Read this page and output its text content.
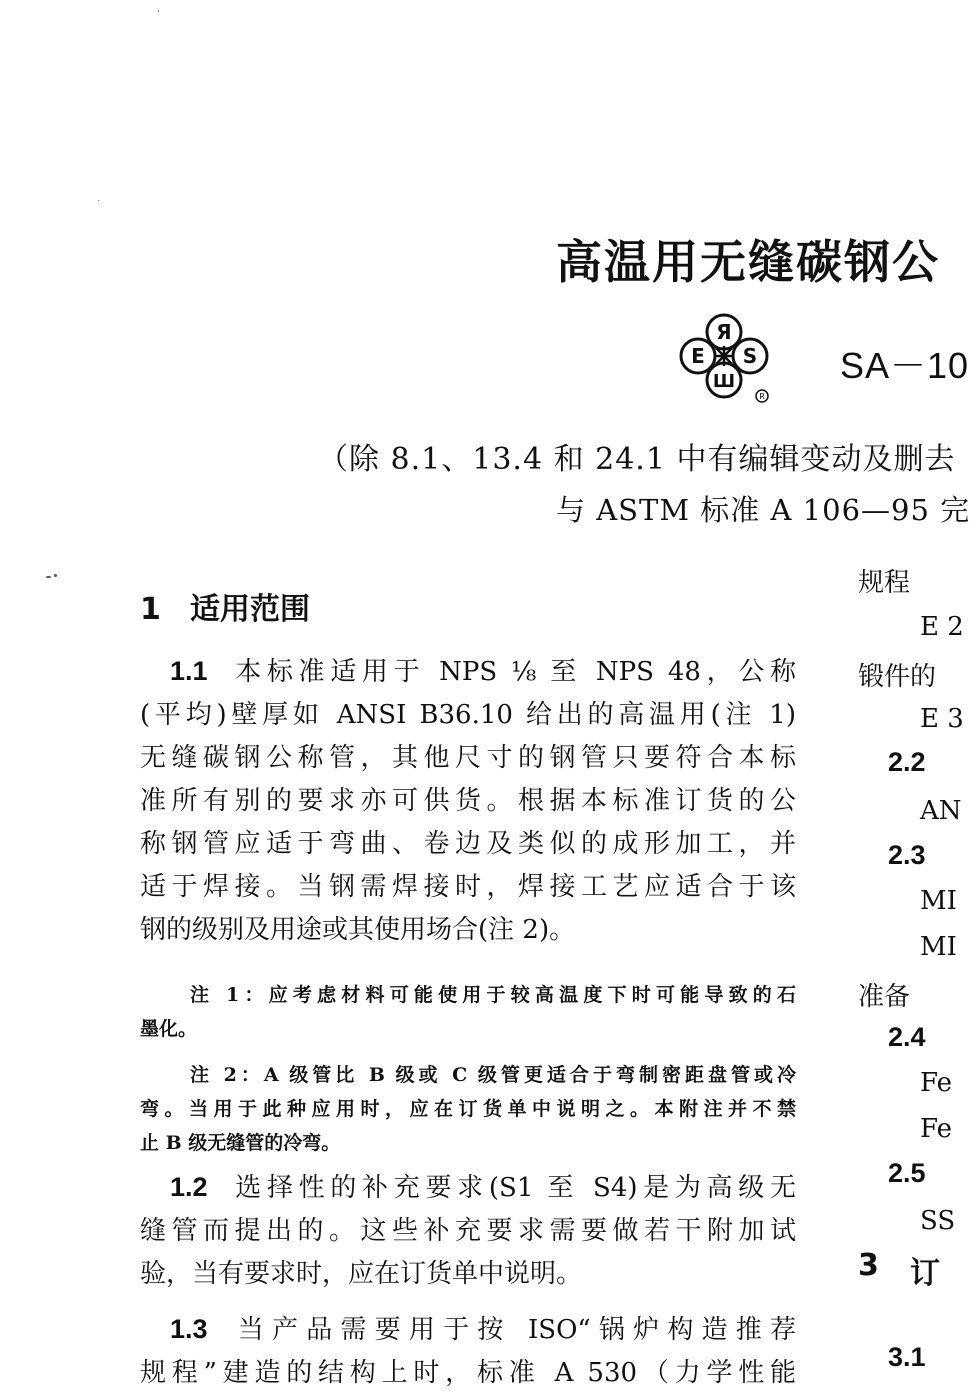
高温用无缝碳钢公
Я
E S
Ш
R
SA－10
（除 8.1、13.4 和 24.1 中有编辑变动及删去
与 ASTM 标准 A 106—95 完
1 适用范围
1.1 本标准适用于 NPS ⅛ 至 NPS 48，公称
(平均)壁厚如 ANSI B36.10 给出的高温用(注 1)
无缝碳钢公称管，其他尺寸的钢管只要符合本标
准所有别的要求亦可供货。根据本标准订货的公
称钢管应适于弯曲、卷边及类似的成形加工，并
适于焊接。当钢需焊接时，焊接工艺应适合于该
钢的级别及用途或其使用场合(注 2)。
注 1：应考虑材料可能使用于较高温度下时可能导致的石
墨化。
注 2：A 级管比 B 级或 C 级管更适合于弯制密距盘管或冷
弯。当用于此种应用时，应在订货单中说明之。本附注并不禁
止 B 级无缝管的冷弯。
1.2 选择性的补充要求(S1 至 S4)是为高级无
缝管而提出的。这些补充要求需要做若干附加试
验，当有要求时，应在订货单中说明。
1.3 当产品需要用于按 ISO“锅炉构造推荐
规程”建造的结构上时，标准 A 530（力学性能
规程
E 2
锻件的
E 3
2.2
AN
2.3
MI
MI
准备
2.4
Fe
Fe
2.5
SS
3 订
3.1
